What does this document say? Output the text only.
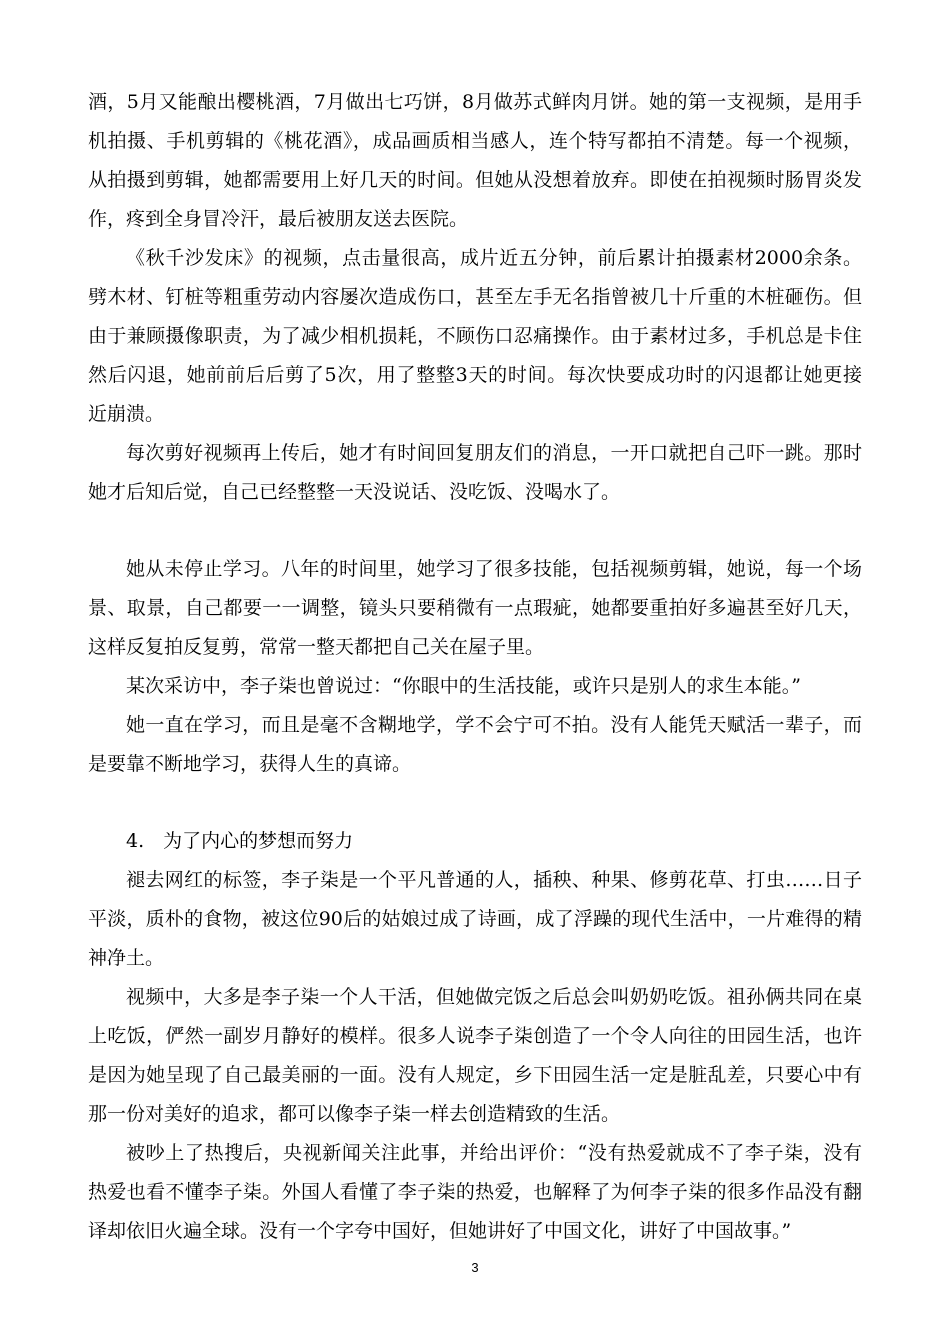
酒，5月又能酿出樱桃酒，7月做出七巧饼，8月做苏式鲜肉月饼。她的第一支视频，是用手
机拍摄、手机剪辑的《桃花酒》，成品画质相当感人，连个特写都拍不清楚。每一个视频，
从拍摄到剪辑，她都需要用上好几天的时间。但她从没想着放弃。即使在拍视频时肠胃炎发
作，疼到全身冒冷汗，最后被朋友送去医院。
《秋千沙发床》的视频，点击量很高，成片近五分钟，前后累计拍摄素材2000余条。
劈木材、钉桩等粗重劳动内容屡次造成伤口，甚至左手无名指曾被几十斤重的木桩砸伤。但
由于兼顾摄像职责，为了减少相机损耗，不顾伤口忍痛操作。由于素材过多，手机总是卡住
然后闪退，她前前后后剪了5次，用了整整3天的时间。每次快要成功时的闪退都让她更接
近崩溃。
每次剪好视频再上传后，她才有时间回复朋友们的消息，一开口就把自己吓一跳。那时
她才后知后觉，自己已经整整一天没说话、没吃饭、没喝水了。
她从未停止学习。八年的时间里，她学习了很多技能，包括视频剪辑，她说，每一个场
景、取景，自己都要一一调整，镜头只要稍微有一点瑕疵，她都要重拍好多遍甚至好几天，
这样反复拍反复剪，常常一整天都把自己关在屋子里。
某次采访中，李子柒也曾说过：“你眼中的生活技能，或许只是别人的求生本能。”
她一直在学习，而且是毫不含糊地学，学不会宁可不拍。没有人能凭天赋活一辈子，而
是要靠不断地学习，获得人生的真谛。
4.　为了内心的梦想而努力
褪去网红的标签，李子柒是一个平凡普通的人，插秧、种果、修剪花草、打虫……日子
平淡，质朴的食物，被这位90后的姑娘过成了诗画，成了浮躁的现代生活中，一片难得的精
神净土。
视频中，大多是李子柒一个人干活，但她做完饭之后总会叫奶奶吃饭。祖孙俩共同在桌
上吃饭，俨然一副岁月静好的模样。很多人说李子柒创造了一个令人向往的田园生活，也许
是因为她呈现了自己最美丽的一面。没有人规定，乡下田园生活一定是脏乱差，只要心中有
那一份对美好的追求，都可以像李子柒一样去创造精致的生活。
被吵上了热搜后，央视新闻关注此事，并给出评价：“没有热爱就成不了李子柒，没有
热爱也看不懂李子柒。外国人看懂了李子柒的热爱，也解释了为何李子柒的很多作品没有翻
译却依旧火遍全球。没有一个字夸中国好，但她讲好了中国文化，讲好了中国故事。”
3
